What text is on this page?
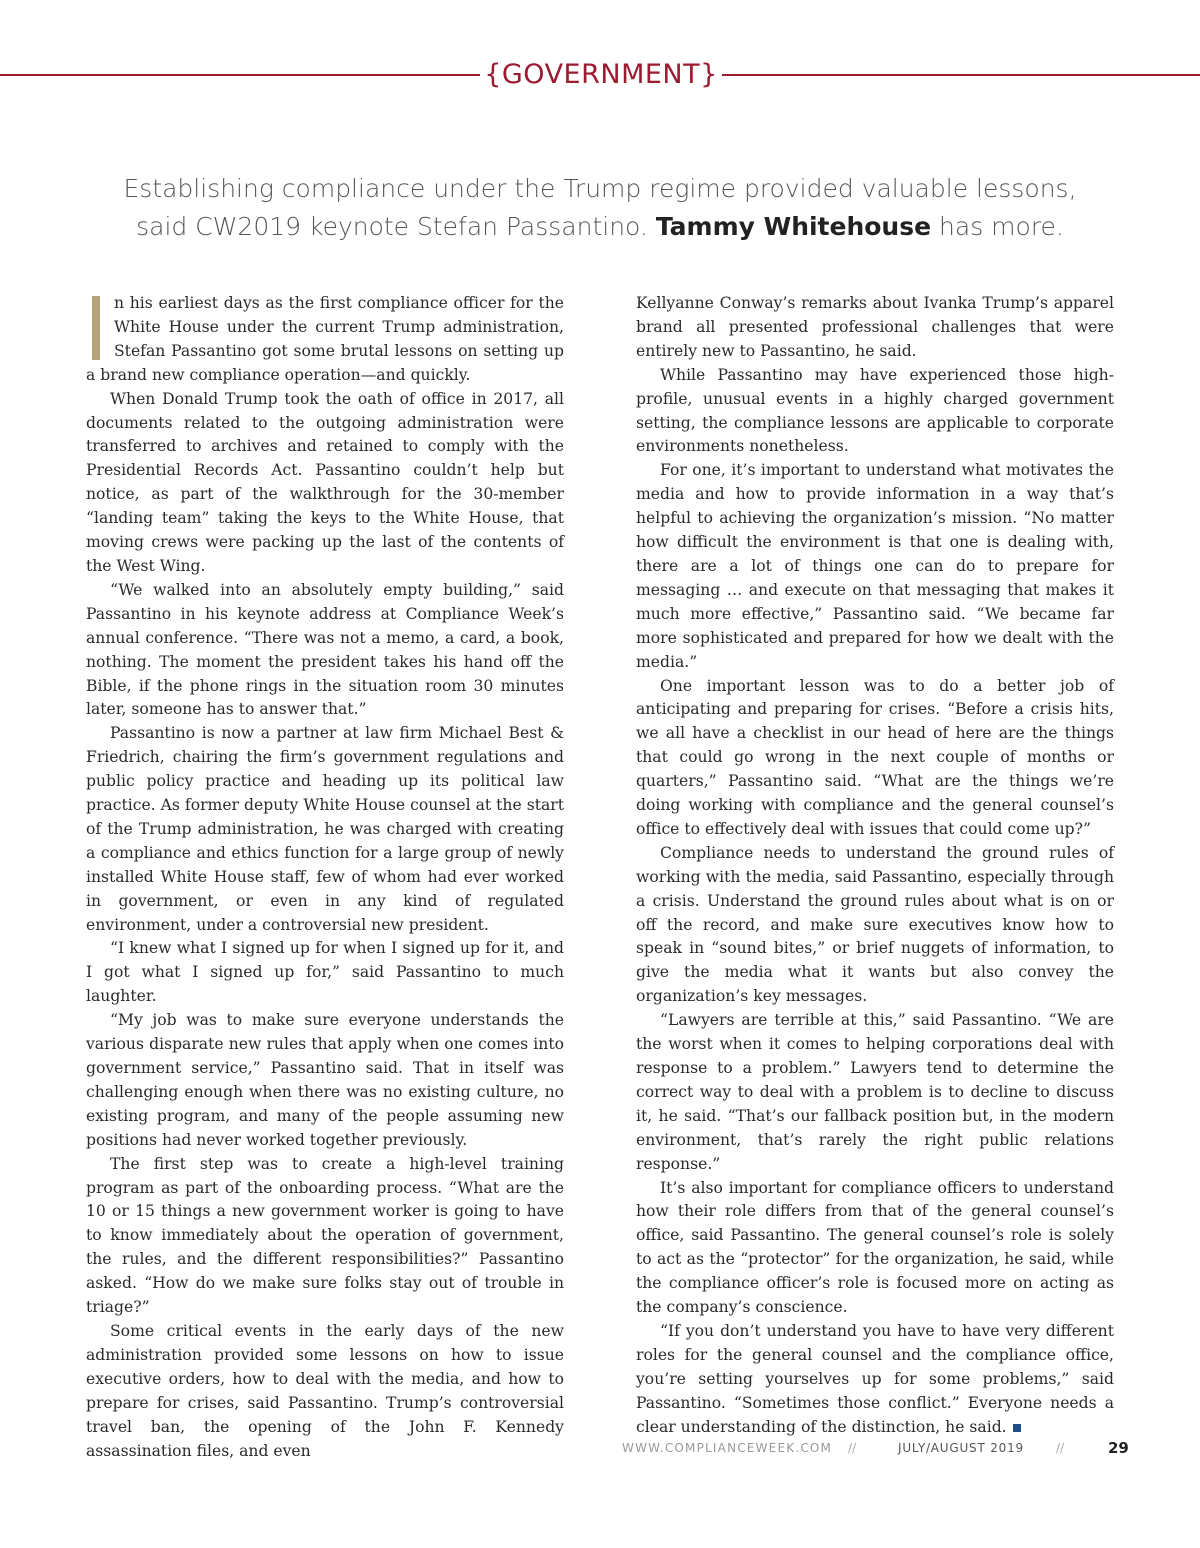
{GOVERNMENT}
Establishing compliance under the Trump regime provided valuable lessons,
said CW2019 keynote Stefan Passantino. Tammy Whitehouse has more.

n his earliest days as the first compliance officer for the White House under the current Trump administration, Stefan Passantino got some brutal lessons on setting up a brand new compliance operation—and quickly.

When Donald Trump took the oath of office in 2017, all documents related to the outgoing administration were transferred to archives and retained to comply with the Presidential Records Act. Passantino couldn’t help but notice, as part of the walkthrough for the 30-member “landing team” taking the keys to the White House, that moving crews were packing up the last of the contents of the West Wing.

“We walked into an absolutely empty building,” said Passantino in his keynote address at Compliance Week’s annual conference. “There was not a memo, a card, a book, nothing. The moment the president takes his hand off the Bible, if the phone rings in the situation room 30 minutes later, someone has to answer that.”

Passantino is now a partner at law firm Michael Best & Friedrich, chairing the firm’s government regulations and public policy practice and heading up its political law practice. As former deputy White House counsel at the start of the Trump administration, he was charged with creating a compliance and ethics function for a large group of newly installed White House staff, few of whom had ever worked in government, or even in any kind of regulated environment, under a controversial new president.

“I knew what I signed up for when I signed up for it, and I got what I signed up for,” said Passantino to much laughter.

“My job was to make sure everyone understands the various disparate new rules that apply when one comes into government service,” Passantino said. That in itself was challenging enough when there was no existing culture, no existing program, and many of the people assuming new positions had never worked together previously.

The first step was to create a high-level training program as part of the onboarding process. “What are the 10 or 15 things a new government worker is going to have to know immediately about the operation of government, the rules, and the different responsibilities?” Passantino asked. “How do we make sure folks stay out of trouble in triage?”

Some critical events in the early days of the new administration provided some lessons on how to issue executive orders, how to deal with the media, and how to prepare for crises, said Passantino. Trump’s controversial travel ban, the opening of the John F. Kennedy assassination files, and even

Kellyanne Conway’s remarks about Ivanka Trump’s apparel brand all presented professional challenges that were entirely new to Passantino, he said.

While Passantino may have experienced those high-profile, unusual events in a highly charged government setting, the compliance lessons are applicable to corporate environments nonetheless.

For one, it’s important to understand what motivates the media and how to provide information in a way that’s helpful to achieving the organization’s mission. “No matter how difficult the environment is that one is dealing with, there are a lot of things one can do to prepare for messaging … and execute on that messaging that makes it much more effective,” Passantino said. “We became far more sophisticated and prepared for how we dealt with the media.”

One important lesson was to do a better job of anticipating and preparing for crises. “Before a crisis hits, we all have a checklist in our head of here are the things that could go wrong in the next couple of months or quarters,” Passantino said. “What are the things we’re doing working with compliance and the general counsel’s office to effectively deal with issues that could come up?”

Compliance needs to understand the ground rules of working with the media, said Passantino, especially through a crisis. Understand the ground rules about what is on or off the record, and make sure executives know how to speak in “sound bites,” or brief nuggets of information, to give the media what it wants but also convey the organization’s key messages.

“Lawyers are terrible at this,” said Passantino. “We are the worst when it comes to helping corporations deal with response to a problem.” Lawyers tend to determine the correct way to deal with a problem is to decline to discuss it, he said. “That’s our fallback position but, in the modern environment, that’s rarely the right public relations response.”

It’s also important for compliance officers to understand how their role differs from that of the general counsel’s office, said Passantino. The general counsel’s role is solely to act as the “protector” for the organization, he said, while the compliance officer’s role is focused more on acting as the company’s conscience.

“If you don’t understand you have to have very different roles for the general counsel and the compliance office, you’re setting yourselves up for some problems,” said Passantino. “Sometimes those conflict.” Everyone needs a clear understanding of the distinction, he said.

WWW.COMPLIANCEWEEK.COM //	JULY/AUGUST 2019	//	29
